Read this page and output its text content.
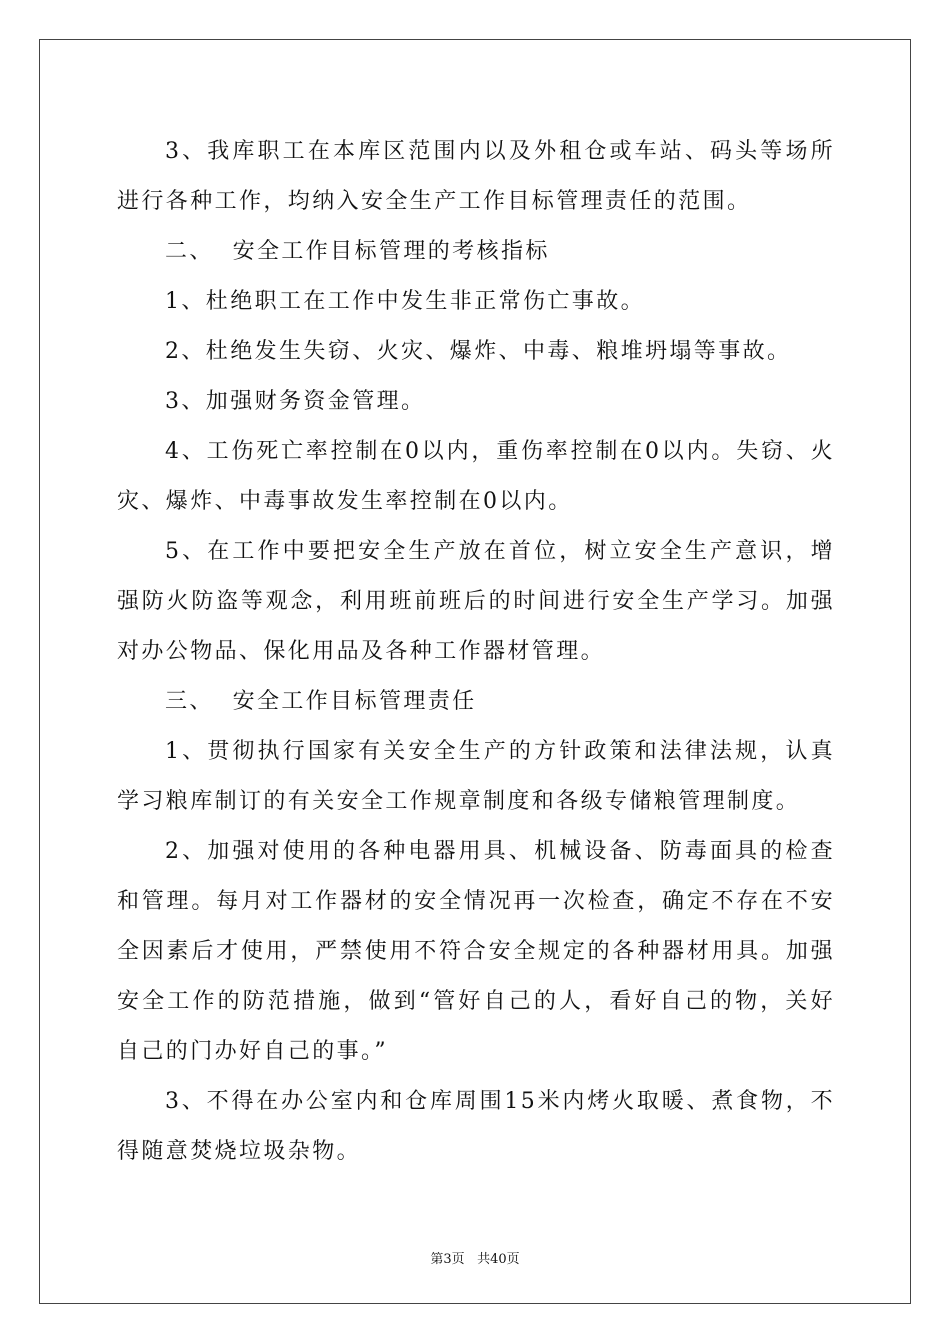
3、我库职工在本库区范围内以及外租仓或车站、码头等场所进行各种工作，均纳入安全生产工作目标管理责任的范围。

二、  安全工作目标管理的考核指标

1、杜绝职工在工作中发生非正常伤亡事故。

2、杜绝发生失窃、火灾、爆炸、中毒、粮堆坍塌等事故。

3、加强财务资金管理。

4、工伤死亡率控制在0以内，重伤率控制在0以内。失窃、火灾、爆炸、中毒事故发生率控制在0以内。

5、在工作中要把安全生产放在首位，树立安全生产意识，增强防火防盗等观念，利用班前班后的时间进行安全生产学习。加强对办公物品、保化用品及各种工作器材管理。

三、  安全工作目标管理责任

1、贯彻执行国家有关安全生产的方针政策和法律法规，认真学习粮库制订的有关安全工作规章制度和各级专储粮管理制度。

2、加强对使用的各种电器用具、机械设备、防毒面具的检查和管理。每月对工作器材的安全情况再一次检查，确定不存在不安全因素后才使用，严禁使用不符合安全规定的各种器材用具。加强安全工作的防范措施，做到“管好自己的人，看好自己的物，关好自己的门办好自己的事。”

3、不得在办公室内和仓库周围15米内烤火取暖、煮食物，不得随意焚烧垃圾杂物。

第3页 共40页
